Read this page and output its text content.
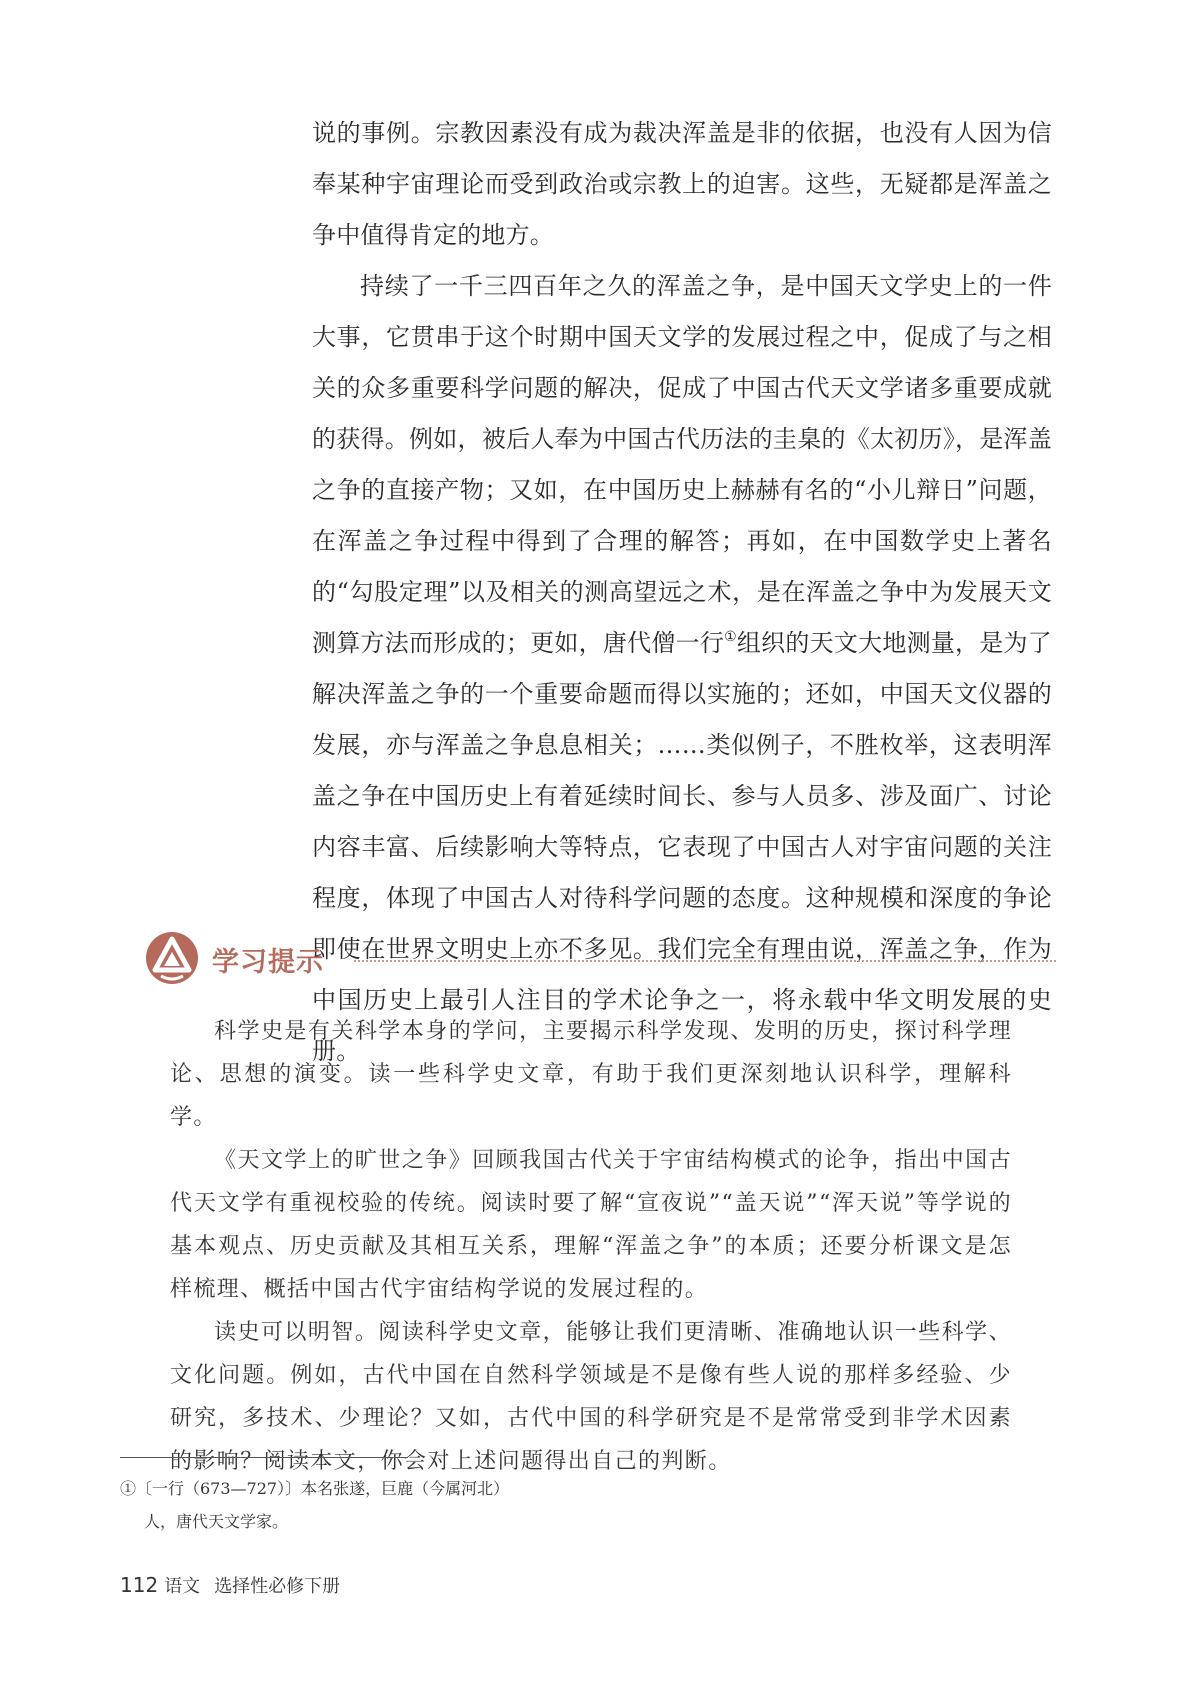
说的事例。宗教因素没有成为裁决浑盖是非的依据，也没有人因为信奉某种宇宙理论而受到政治或宗教上的迫害。这些，无疑都是浑盖之争中值得肯定的地方。

持续了一千三四百年之久的浑盖之争，是中国天文学史上的一件大事，它贯串于这个时期中国天文学的发展过程之中，促成了与之相关的众多重要科学问题的解决，促成了中国古代天文学诸多重要成就的获得。例如，被后人奉为中国古代历法的圭臬的《太初历》，是浑盖之争的直接产物；又如，在中国历史上赫赫有名的“小儿辩日”问题，在浑盖之争过程中得到了合理的解答；再如，在中国数学史上著名的“勾股定理”以及相关的测高望远之术，是在浑盖之争中为发展天文测算方法而形成的；更如，唐代僧一行①组织的天文大地测量，是为了解决浑盖之争的一个重要命题而得以实施的；还如，中国天文仪器的发展，亦与浑盖之争息息相关；……类似例子，不胜枚举，这表明浑盖之争在中国历史上有着延续时间长、参与人员多、涉及面广、讨论内容丰富、后续影响大等特点，它表现了中国古人对宇宙问题的关注程度，体现了中国古人对待科学问题的态度。这种规模和深度的争论即使在世界文明史上亦不多见。我们完全有理由说，浑盖之争，作为中国历史上最引人注目的学术论争之一，将永载中华文明发展的史册。

学习提示

科学史是有关科学本身的学问，主要揭示科学发现、发明的历史，探讨科学理论、思想的演变。读一些科学史文章，有助于我们更深刻地认识科学，理解科学。

《天文学上的旷世之争》回顾我国古代关于宇宙结构模式的论争，指出中国古代天文学有重视校验的传统。阅读时要了解“宣夜说”“盖天说”“浑天说”等学说的基本观点、历史贡献及其相互关系，理解“浑盖之争”的本质；还要分析课文是怎样梳理、概括中国古代宇宙结构学说的发展过程的。

读史可以明智。阅读科学史文章，能够让我们更清晰、准确地认识一些科学、文化问题。例如，古代中国在自然科学领域是不是像有些人说的那样多经验、少研究，多技术、少理论？又如，古代中国的科学研究是不是常常受到非学术因素的影响？阅读本文，你会对上述问题得出自己的判断。

①〔一行（673—727）〕本名张遂，巨鹿（今属河北）
人，唐代天文学家。
112 语文 选择性必修下册
